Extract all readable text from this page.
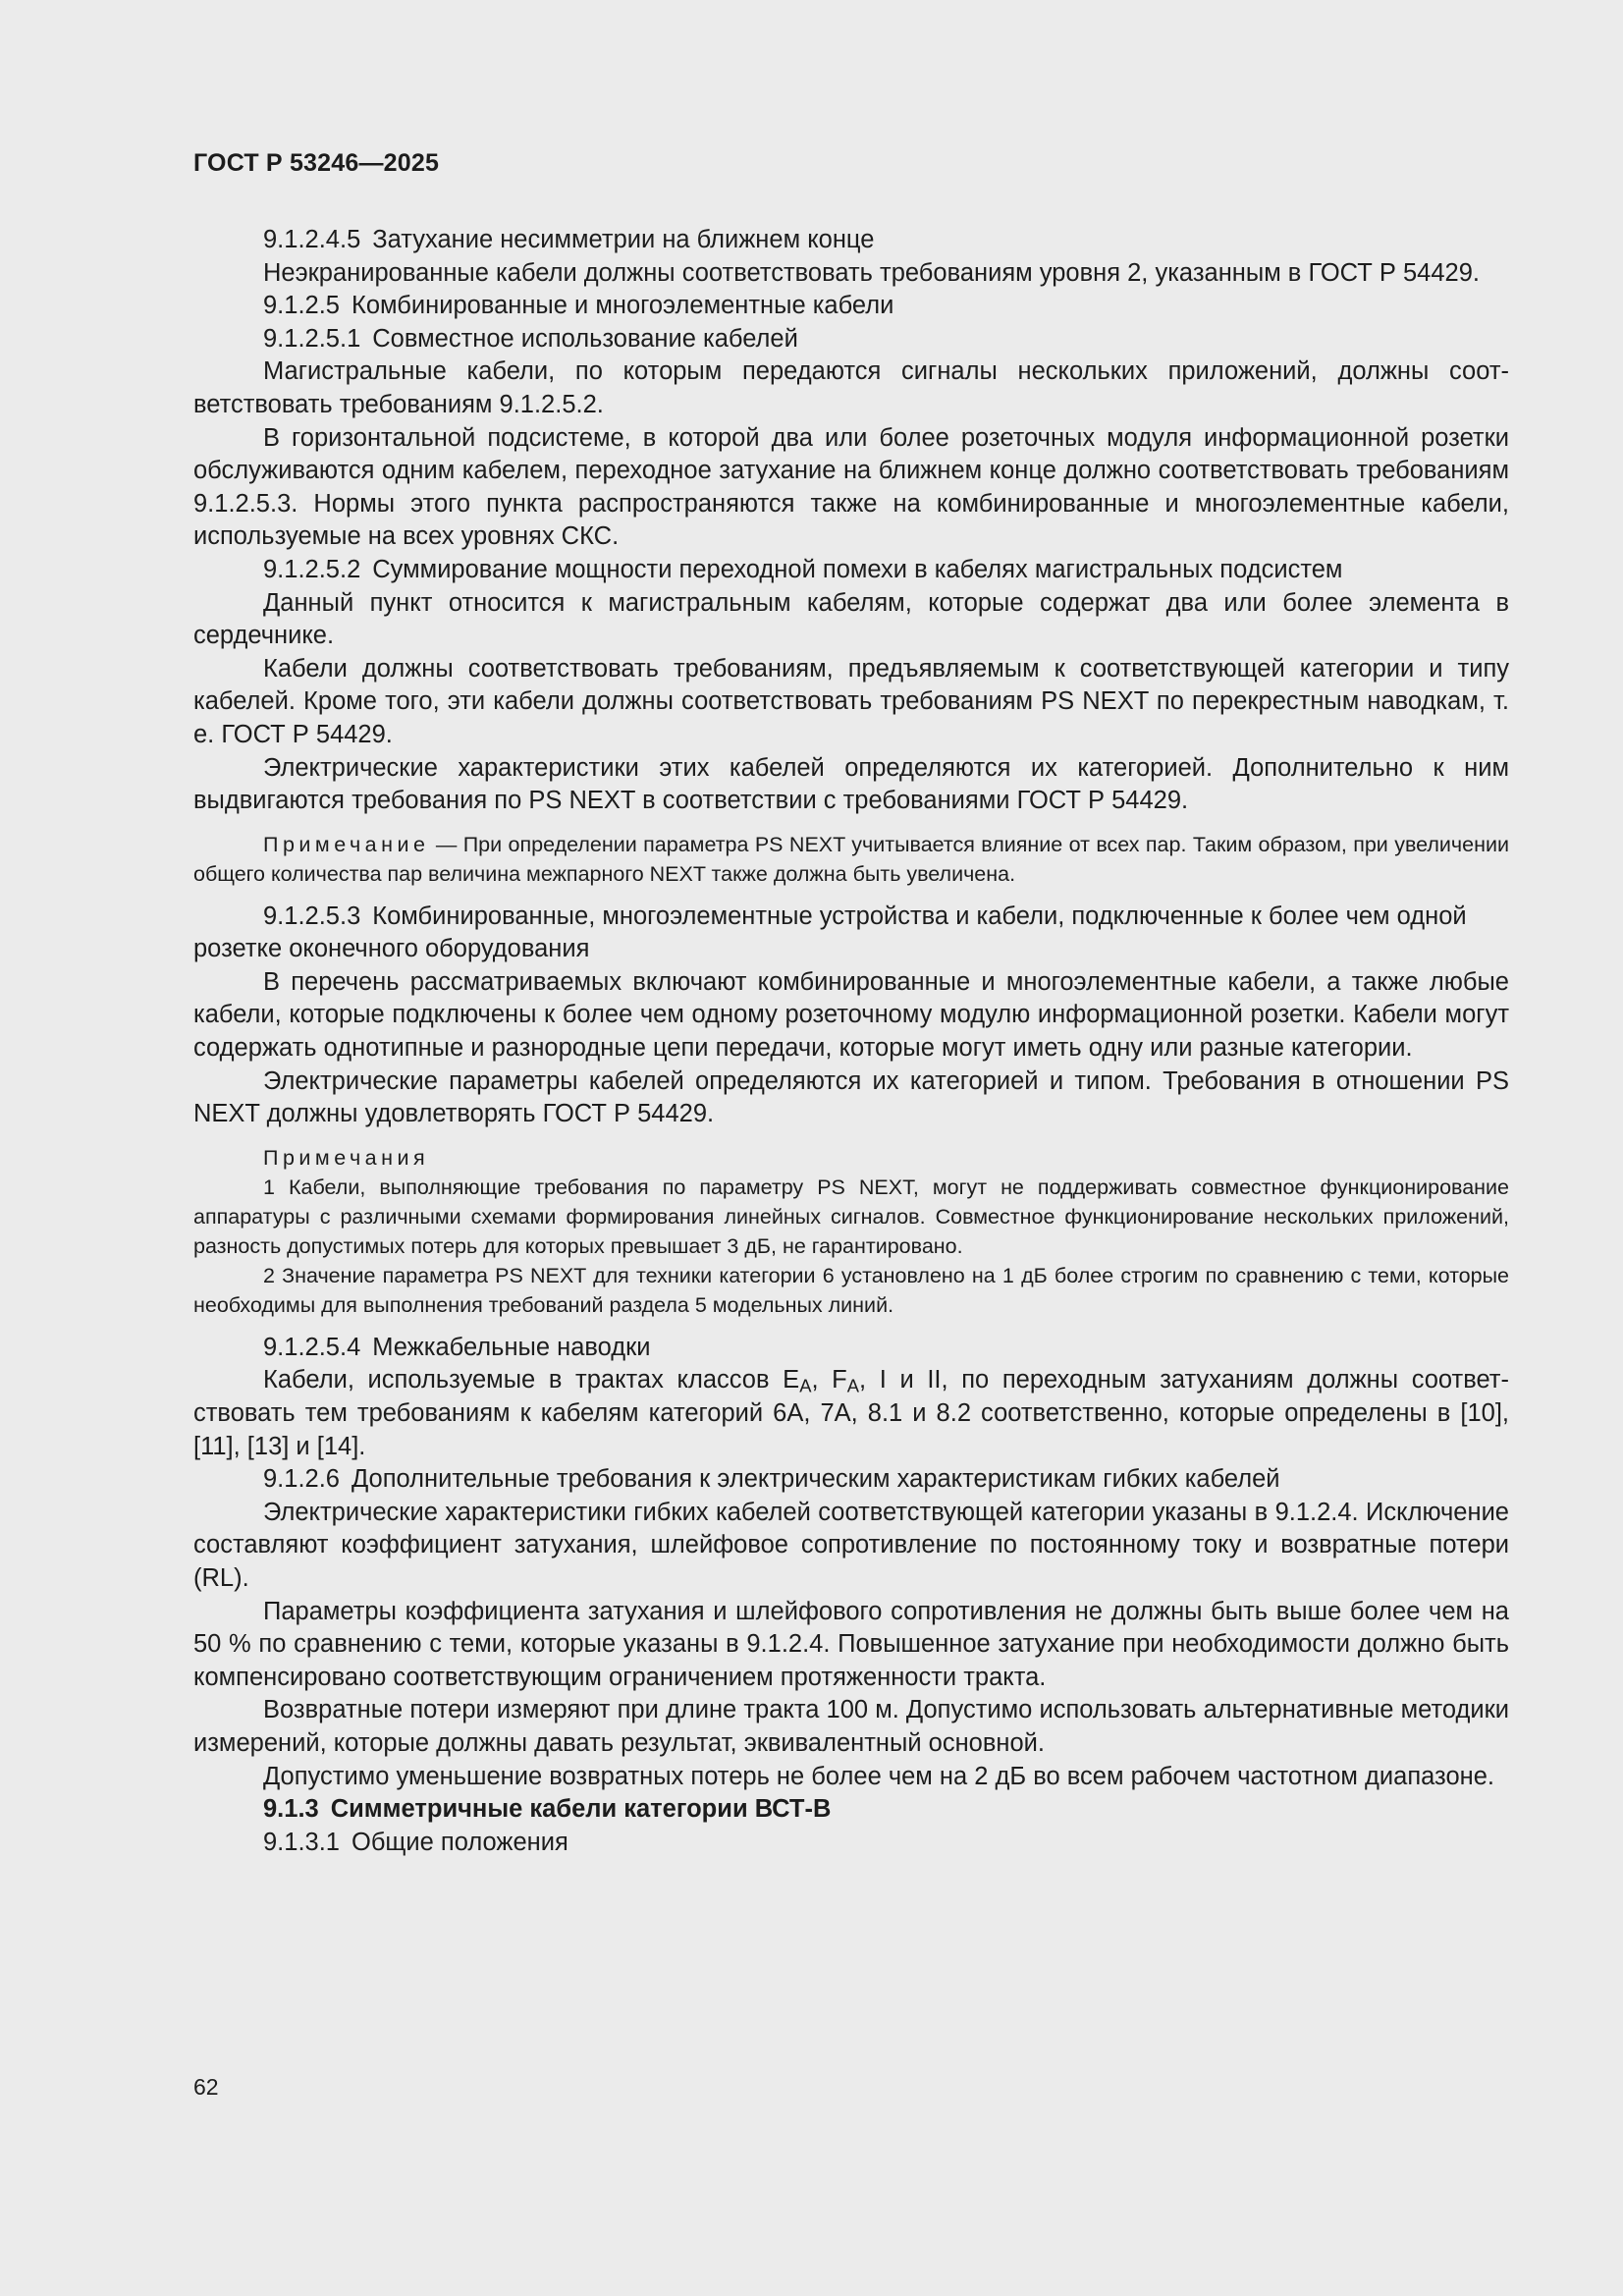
ГОСТ Р 53246—2025

9.1.2.4.5 Затухание несимметрии на ближнем конце

Неэкранированные кабели должны соответствовать требованиям уровня 2, указанным в ГОСТ Р 54429.

9.1.2.5 Комбинированные и многоэлементные кабели

9.1.2.5.1 Совместное использование кабелей

Магистральные кабели, по которым передаются сигналы нескольких приложений, должны соответствовать требованиям 9.1.2.5.2.

В горизонтальной подсистеме, в которой два или более розеточных модуля информационной розетки обслуживаются одним кабелем, переходное затухание на ближнем конце должно соответствовать требованиям 9.1.2.5.3. Нормы этого пункта распространяются также на комбинированные и многоэлементные кабели, используемые на всех уровнях СКС.

9.1.2.5.2 Суммирование мощности переходной помехи в кабелях магистральных подсистем

Данный пункт относится к магистральным кабелям, которые содержат два или более элемента в сердечнике.

Кабели должны соответствовать требованиям, предъявляемым к соответствующей категории и типу кабелей. Кроме того, эти кабели должны соответствовать требованиям PS NEXT по перекрестным наводкам, т. е. ГОСТ Р 54429.

Электрические характеристики этих кабелей определяются их категорией. Дополнительно к ним выдвигаются требования по PS NEXT в соответствии с требованиями ГОСТ Р 54429.

Примечание — При определении параметра PS NEXT учитывается влияние от всех пар. Таким образом, при увеличении общего количества пар величина межпарного NEXT также должна быть увеличена.

9.1.2.5.3 Комбинированные, многоэлементные устройства и кабели, подключенные к более чем одной розетке оконечного оборудования

В перечень рассматриваемых включают комбинированные и многоэлементные кабели, а также любые кабели, которые подключены к более чем одному розеточному модулю информационной розетки. Кабели могут содержать однотипные и разнородные цепи передачи, которые могут иметь одну или разные категории.

Электрические параметры кабелей определяются их категорией и типом. Требования в отношении PS NEXT должны удовлетворять ГОСТ Р 54429.

Примечания

1 Кабели, выполняющие требования по параметру PS NEXT, могут не поддерживать совместное функционирование аппаратуры с различными схемами формирования линейных сигналов. Совместное функционирование нескольких приложений, разность допустимых потерь для которых превышает 3 дБ, не гарантировано.

2 Значение параметра PS NEXT для техники категории 6 установлено на 1 дБ более строгим по сравнению с теми, которые необходимы для выполнения требований раздела 5 модельных линий.

9.1.2.5.4 Межкабельные наводки

Кабели, используемые в трактах классов $E_A$, $F_A$, I и II, по переходным затуханиям должны соответствовать тем требованиям к кабелям категорий 6A, 7A, 8.1 и 8.2 соответственно, которые определены в [10], [11], [13] и [14].

9.1.2.6 Дополнительные требования к электрическим характеристикам гибких кабелей

Электрические характеристики гибких кабелей соответствующей категории указаны в 9.1.2.4. Исключение составляют коэффициент затухания, шлейфовое сопротивление по постоянному току и возвратные потери (RL).

Параметры коэффициента затухания и шлейфового сопротивления не должны быть выше более чем на 50 % по сравнению с теми, которые указаны в 9.1.2.4. Повышенное затухание при необходимости должно быть компенсировано соответствующим ограничением протяженности тракта.

Возвратные потери измеряют при длине тракта 100 м. Допустимо использовать альтернативные методики измерений, которые должны давать результат, эквивалентный основной.

Допустимо уменьшение возвратных потерь не более чем на 2 дБ во всем рабочем частотном диапазоне.

9.1.3 Симметричные кабели категории ВСТ-В

9.1.3.1 Общие положения

62
